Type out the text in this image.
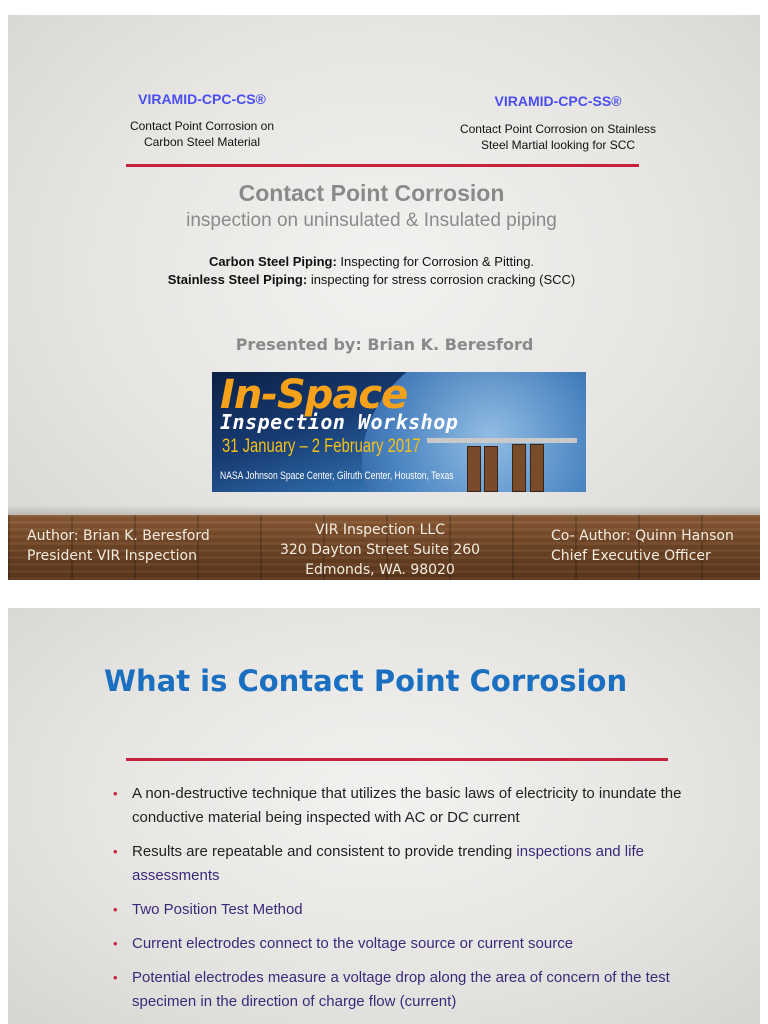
VIRAMID-CPC-CS®
Contact Point Corrosion on
Carbon Steel Material
VIRAMID-CPC-SS®
Contact Point Corrosion on Stainless
Steel Martial looking for SCC
Contact Point Corrosion
inspection on uninsulated & Insulated piping
Carbon Steel Piping: Inspecting for Corrosion & Pitting.
Stainless Steel Piping: inspecting for stress corrosion cracking (SCC)
Presented by: Brian K. Beresford
In-Space
Inspection Workshop
31 January – 2 February 2017
NASA Johnson Space Center, Gilruth Center, Houston, Texas
Author: Brian K. Beresford
President VIR Inspection
VIR Inspection LLC
320 Dayton Street Suite 260
Edmonds, WA. 98020
Co- Author: Quinn Hanson
Chief Executive Officer
What is Contact Point Corrosion
• A non-destructive technique that utilizes the basic laws of electricity to inundate the conductive material being inspected with AC or DC current
• Results are repeatable and consistent to provide trending inspections and life assessments
• Two Position Test Method
• Current electrodes connect to the voltage source or current source
• Potential electrodes measure a voltage drop along the area of concern of the test specimen in the direction of charge flow (current)
